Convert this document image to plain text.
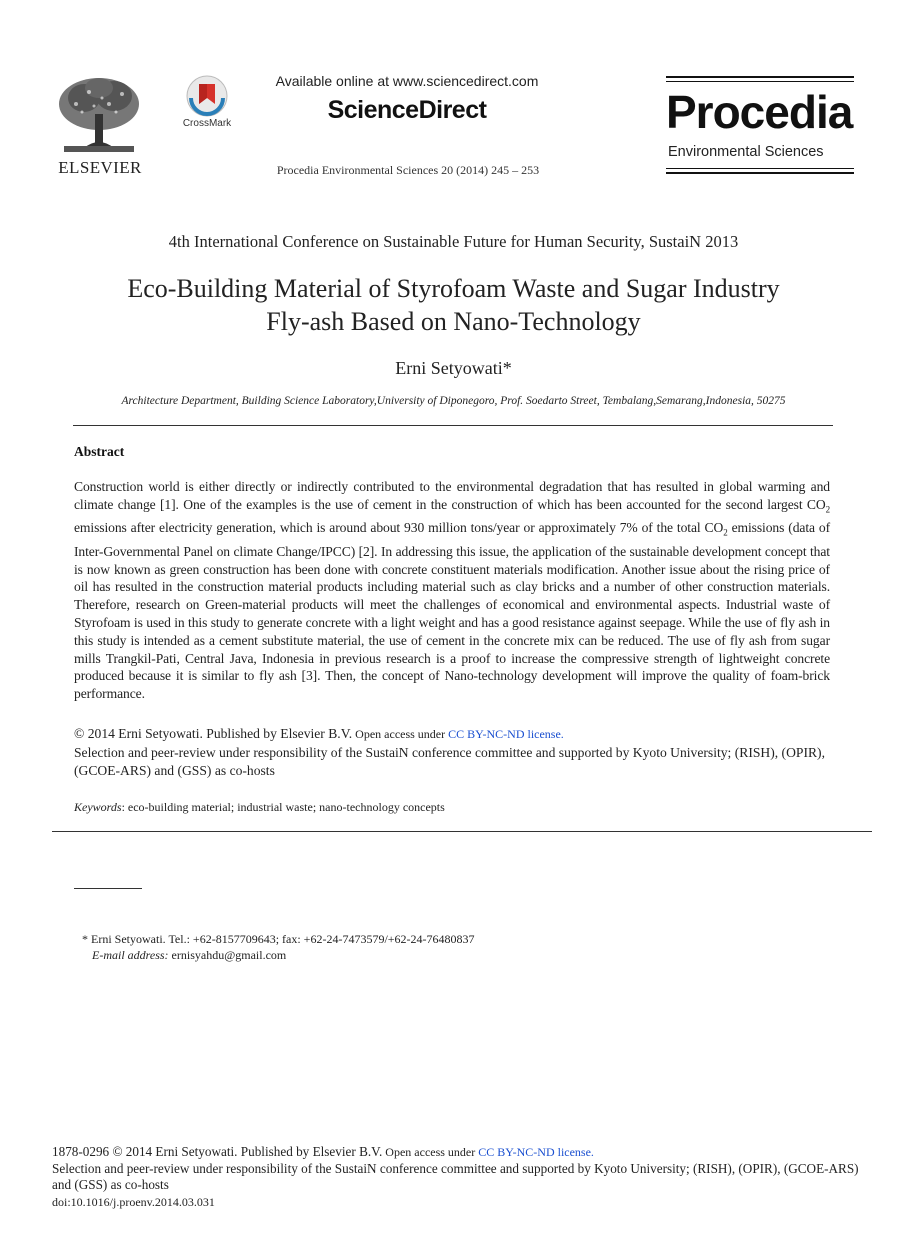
ELSEVIER
CrossMark
Available online at www.sciencedirect.com
ScienceDirect
Procedia Environmental Sciences 20 (2014) 245 – 253
Procedia
Environmental Sciences
4th International Conference on Sustainable Future for Human Security, SustaiN 2013
Eco-Building Material of Styrofoam Waste and Sugar Industry
Fly-ash Based on Nano-Technology
Erni Setyowati*
Architecture Department, Building Science Laboratory,University of Diponegoro, Prof. Soedarto Street, Tembalang,Semarang,Indonesia, 50275
Abstract
Construction world is either directly or indirectly contributed to the environmental degradation that has resulted in global warming and climate change [1]. One of the examples is the use of cement in the construction of which has been accounted for the second largest $CO_2$ emissions after electricity generation, which is around about 930 million tons/year or approximately 7% of the total $CO_2$ emissions (data of Inter-Governmental Panel on climate Change/IPCC) [2]. In addressing this issue, the application of the sustainable development concept that is now known as green construction has been done with concrete constituent materials modification. Another issue about the rising price of oil has resulted in the construction material products including material such as clay bricks and a number of other construction materials. Therefore, research on Green-material products will meet the challenges of economical and environmental aspects. Industrial waste of Styrofoam is used in this study to generate concrete with a light weight and has a good resistance against seepage. While the use of fly ash in this study is intended as a cement substitute material, the use of cement in the concrete mix can be reduced. The use of fly ash from sugar mills Trangkil-Pati, Central Java, Indonesia in previous research is a proof to increase the compressive strength of lightweight concrete produced because it is similar to fly ash [3]. Then, the concept of Nano-technology development will improve the quality of foam-brick performance.
© 2014 Erni Setyowati. Published by Elsevier B.V. Open access under CC BY-NC-ND license.
Selection and peer-review under responsibility of the SustaiN conference committee and supported by Kyoto University; (RISH), (OPIR), (GCOE-ARS) and (GSS) as co-hosts
Keywords: eco-building material; industrial waste; nano-technology concepts
* Erni Setyowati. Tel.: +62-8157709643; fax: +62-24-7473579/+62-24-76480837
E-mail address: ernisyahdu@gmail.com
1878-0296 © 2014 Erni Setyowati. Published by Elsevier B.V. Open access under CC BY-NC-ND license.
Selection and peer-review under responsibility of the SustaiN conference committee and supported by Kyoto University; (RISH), (OPIR), (GCOE-ARS) and (GSS) as co-hosts
doi:10.1016/j.proenv.2014.03.031
